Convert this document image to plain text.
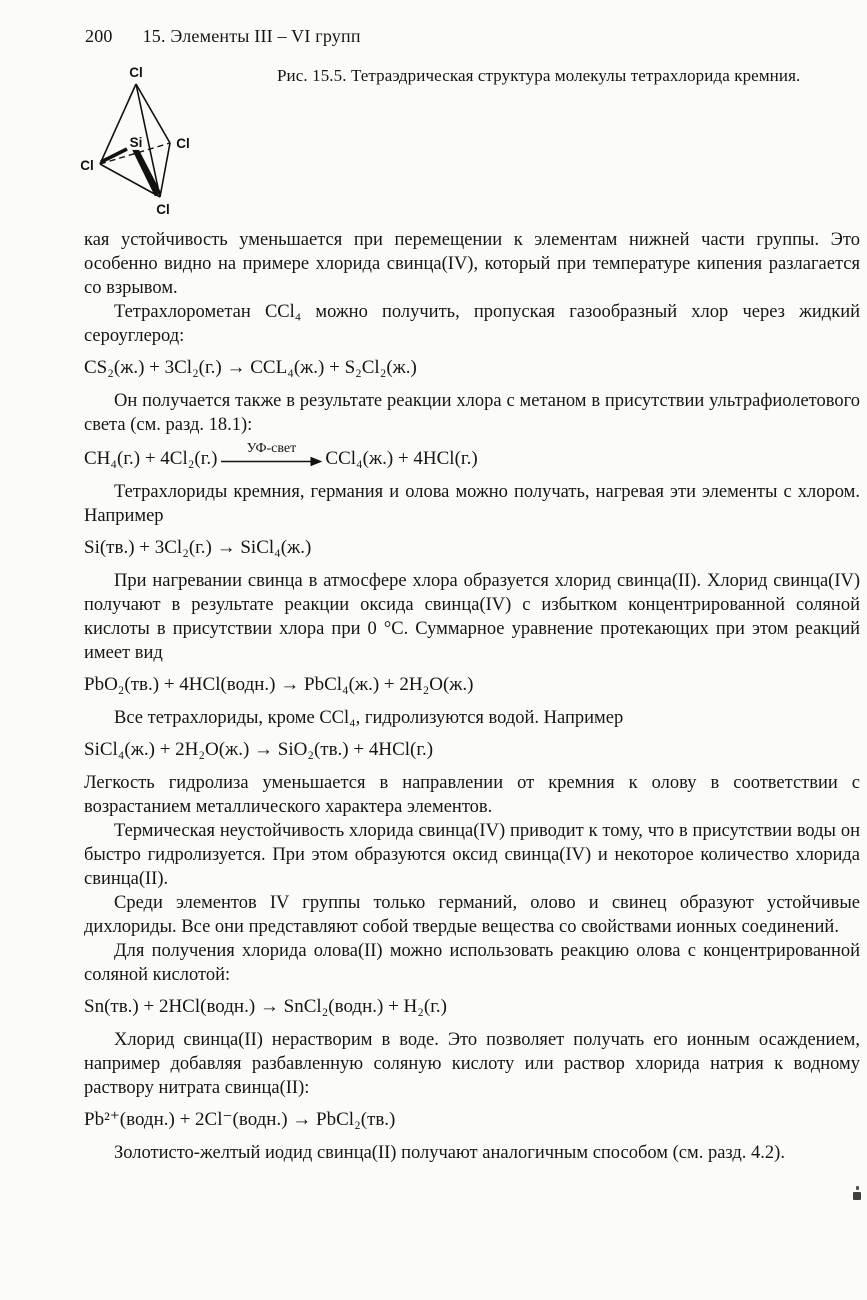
200 15. Элементы III – VI групп
Cl
Cl
Cl
Cl
Si
Рис. 15.5. Тетраэдрическая структура молекулы тетрахлорида кремния.

кая устойчивость уменьшается при перемещении к элементам нижней части группы. Это особенно видно на примере хлорида свинца(IV), который при температуре кипения разлагается со взрывом.

Тетрахлорометан CCl₄ можно получить, пропуская газообразный хлор через жидкий сероуглерод:

CS₂(ж.) + 3Cl₂(г.) → CCL₄(ж.) + S₂Cl₂(ж.)

Он получается также в результате реакции хлора с метаном в присутствии ультрафиолетового света (см. разд. 18.1):

CH₄(г.) + 4Cl₂(г.) УФ-свет CCl₄(ж.) + 4HCl(г.)

Тетрахлориды кремния, германия и олова можно получать, нагревая эти элементы с хлором. Например

Si(тв.) + 3Cl₂(г.) → SiCl₄(ж.)

При нагревании свинца в атмосфере хлора образуется хлорид свинца(II). Хлорид свинца(IV) получают в результате реакции оксида свинца(IV) с избытком концентрированной соляной кислоты в присутствии хлора при 0 °C. Суммарное уравнение протекающих при этом реакций имеет вид

PbO₂(тв.) + 4HCl(водн.) → PbCl₄(ж.) + 2H₂O(ж.)

Все тетрахлориды, кроме CCl₄, гидролизуются водой. Например

SiCl₄(ж.) + 2H₂O(ж.) → SiO₂(тв.) + 4HCl(г.)

Легкость гидролиза уменьшается в направлении от кремния к олову в соответствии с возрастанием металлического характера элементов.

Термическая неустойчивость хлорида свинца(IV) приводит к тому, что в присутствии воды он быстро гидролизуется. При этом образуются оксид свинца(IV) и некоторое количество хлорида свинца(II).

Среди элементов IV группы только германий, олово и свинец образуют устойчивые дихлориды. Все они представляют собой твердые вещества со свойствами ионных соединений.

Для получения хлорида олова(II) можно использовать реакцию олова с концентрированной соляной кислотой:

Sn(тв.) + 2HCl(водн.) → SnCl₂(водн.) + H₂(г.)

Хлорид свинца(II) нерастворим в воде. Это позволяет получать его ионным осаждением, например добавляя разбавленную соляную кислоту или раствор хлорида натрия к водному раствору нитрата свинца(II):

Pb²⁺(водн.) + 2Cl⁻(водн.) → PbCl₂(тв.)

Золотисто-желтый иодид свинца(II) получают аналогичным способом (см. разд. 4.2).
